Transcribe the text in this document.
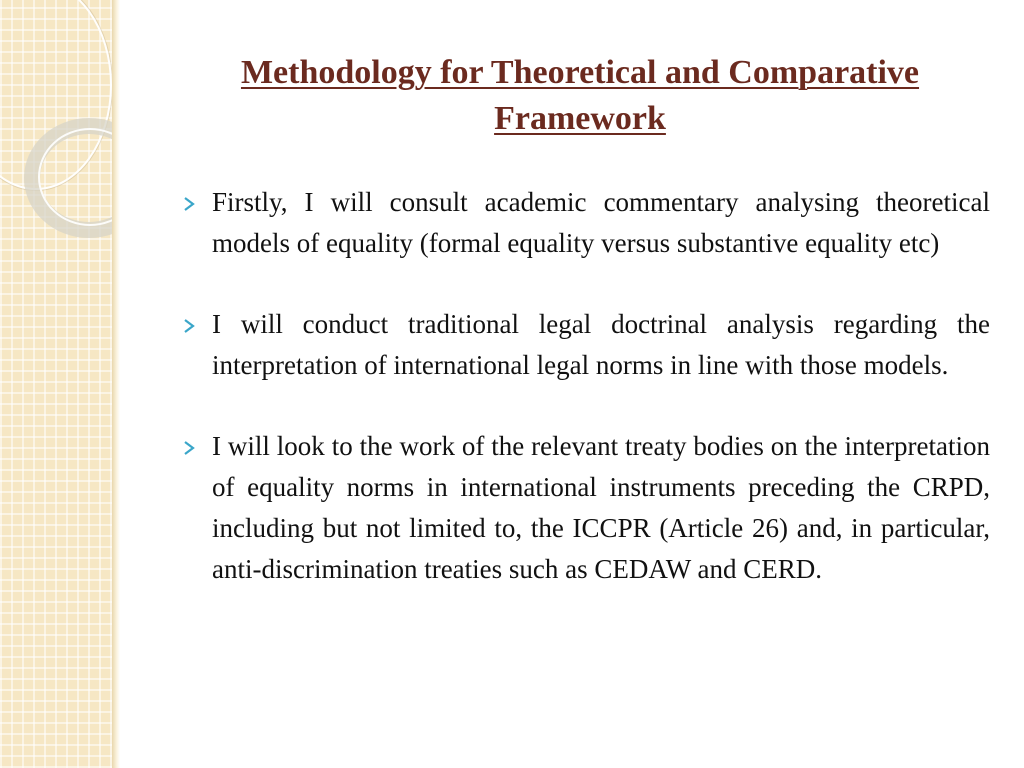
Methodology for Theoretical and Comparative
Framework
Firstly, I will consult academic commentary analysing theoretical models of equality (formal equality versus substantive equality etc)
I will conduct traditional legal doctrinal analysis regarding the interpretation of international legal norms in line with those models.
I will look to the work of the relevant treaty bodies on the interpretation of equality norms in international instruments preceding the CRPD, including but not limited to, the ICCPR (Article 26) and, in particular, anti-discrimination treaties such as CEDAW and CERD.
